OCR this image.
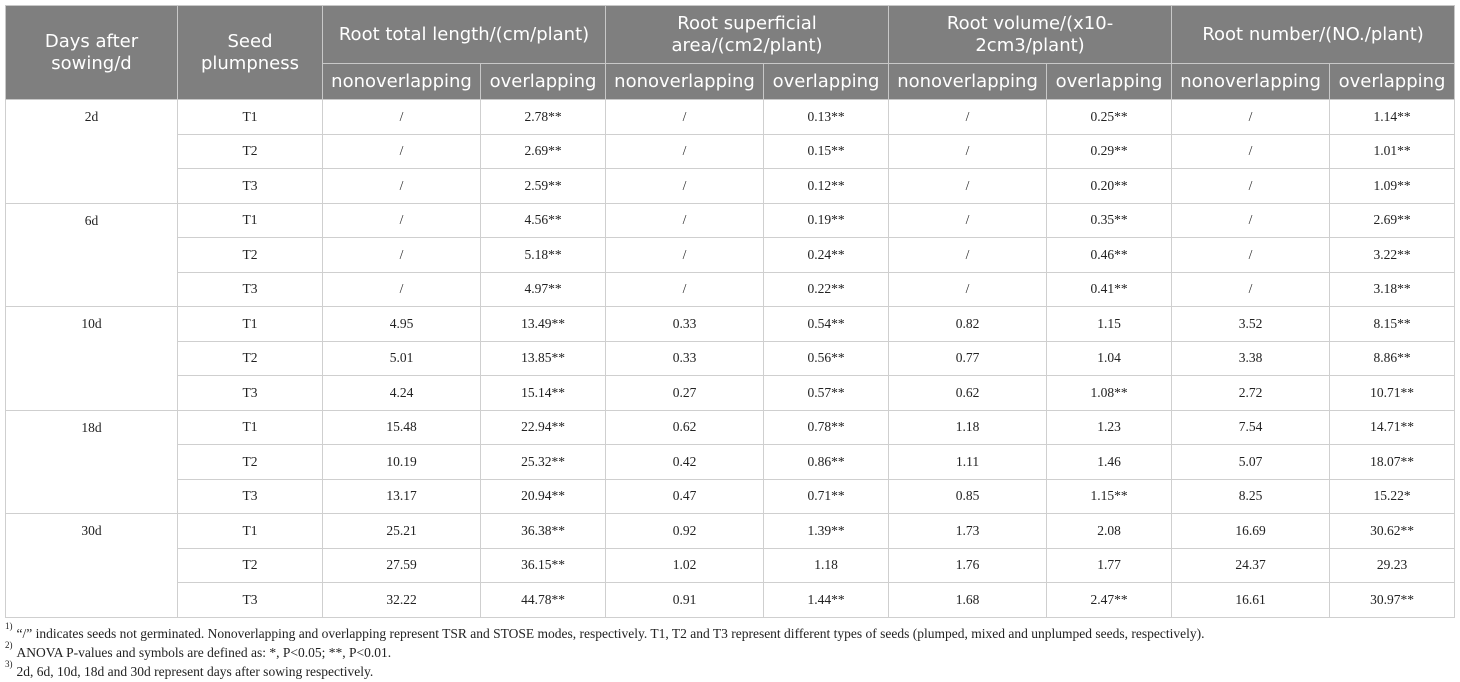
Days after sowing/d	Seed plumpness	Root total length/(cm/plant)		Root superficial area/(cm2/plant)		Root volume/(x10-2cm3/plant)		Root number/(NO./plant)	
		nonoverlapping	overlapping	nonoverlapping	overlapping	nonoverlapping	overlapping	nonoverlapping	overlapping
2d	T1	/	2.78**	/	0.13**	/	0.25**	/	1.14**
	T2	/	2.69**	/	0.15**	/	0.29**	/	1.01**
	T3	/	2.59**	/	0.12**	/	0.20**	/	1.09**
6d	T1	/	4.56**	/	0.19**	/	0.35**	/	2.69**
	T2	/	5.18**	/	0.24**	/	0.46**	/	3.22**
	T3	/	4.97**	/	0.22**	/	0.41**	/	3.18**
10d	T1	4.95	13.49**	0.33	0.54**	0.82	1.15	3.52	8.15**
	T2	5.01	13.85**	0.33	0.56**	0.77	1.04	3.38	8.86**
	T3	4.24	15.14**	0.27	0.57**	0.62	1.08**	2.72	10.71**
18d	T1	15.48	22.94**	0.62	0.78**	1.18	1.23	7.54	14.71**
	T2	10.19	25.32**	0.42	0.86**	1.11	1.46	5.07	18.07**
	T3	13.17	20.94**	0.47	0.71**	0.85	1.15**	8.25	15.22*
30d	T1	25.21	36.38**	0.92	1.39**	1.73	2.08	16.69	30.62**
	T2	27.59	36.15**	1.02	1.18	1.76	1.77	24.37	29.23
	T3	32.22	44.78**	0.91	1.44**	1.68	2.47**	16.61	30.97**
$^{1)}$ “/” indicates seeds not germinated. Nonoverlapping and overlapping represent TSR and STOSE modes, respectively. T1, T2 and T3 represent different types of seeds (plumped, mixed and unplumped seeds, respectively).
$^{2)}$ ANOVA P-values and symbols are defined as: *, P<0.05; **, P<0.01.
$^{3)}$ 2d, 6d, 10d, 18d and 30d represent days after sowing respectively.
